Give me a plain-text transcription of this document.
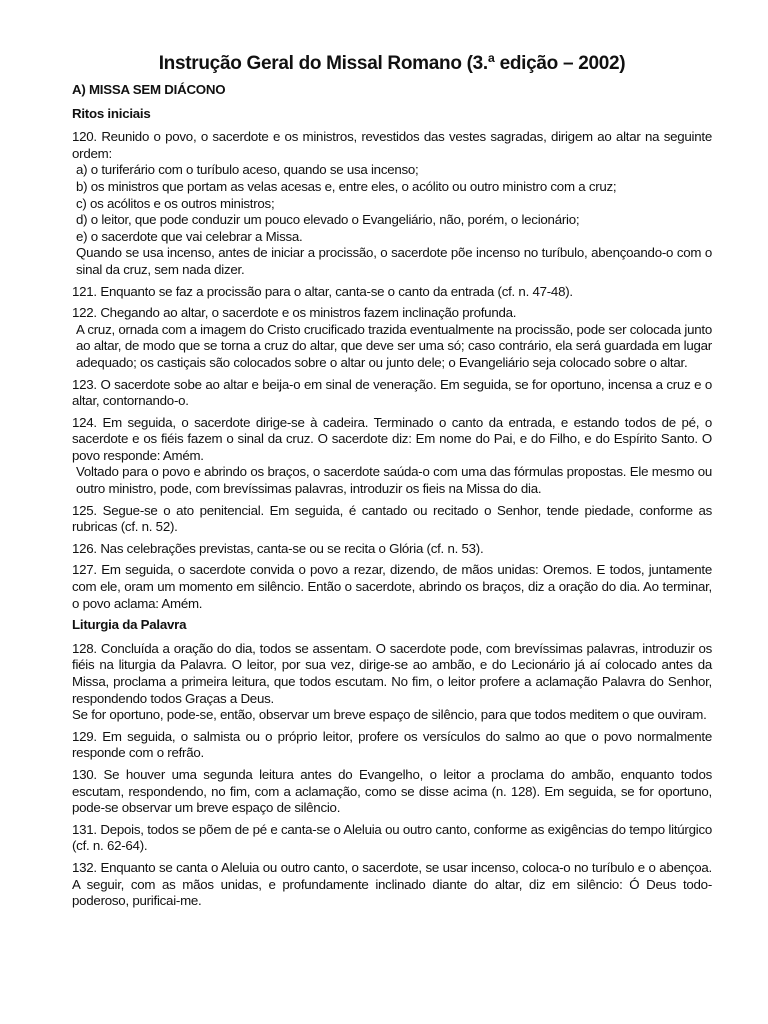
Instrução Geral do Missal Romano (3.ª edição – 2002)
A) MISSA SEM DIÁCONO
Ritos iniciais
120. Reunido o povo, o sacerdote e os ministros, revestidos das vestes sagradas, dirigem ao altar na seguinte ordem:
a) o turiferário com o turíbulo aceso, quando se usa incenso;
b) os ministros que portam as velas acesas e, entre eles, o acólito ou outro ministro com a cruz;
c) os acólitos e os outros ministros;
d) o leitor, que pode conduzir um pouco elevado o Evangeliário, não, porém, o lecionário;
e) o sacerdote que vai celebrar a Missa.
Quando se usa incenso, antes de iniciar a procissão, o sacerdote põe incenso no turíbulo, abençoando-o com o sinal da cruz, sem nada dizer.
121. Enquanto se faz a procissão para o altar, canta-se o canto da entrada (cf. n. 47-48).
122. Chegando ao altar, o sacerdote e os ministros fazem inclinação profunda.
A cruz, ornada com a imagem do Cristo crucificado trazida eventualmente na procissão, pode ser colocada junto ao altar, de modo que se torna a cruz do altar, que deve ser uma só; caso contrário, ela será guardada em lugar adequado; os castiçais são colocados sobre o altar ou junto dele; o Evangeliário seja colocado sobre o altar.
123. O sacerdote sobe ao altar e beija-o em sinal de veneração. Em seguida, se for oportuno, incensa a cruz e o altar, contornando-o.
124. Em seguida, o sacerdote dirige-se à cadeira. Terminado o canto da entrada, e estando todos de pé, o sacerdote e os fiéis fazem o sinal da cruz. O sacerdote diz: Em nome do Pai, e do Filho, e do Espírito Santo. O povo responde: Amém.
Voltado para o povo e abrindo os braços, o sacerdote saúda-o com uma das fórmulas propostas. Ele mesmo ou outro ministro, pode, com brevíssimas palavras, introduzir os fieis na Missa do dia.
125. Segue-se o ato penitencial. Em seguida, é cantado ou recitado o Senhor, tende piedade, conforme as rubricas (cf. n. 52).
126. Nas celebrações previstas, canta-se ou se recita o Glória (cf. n. 53).
127. Em seguida, o sacerdote convida o povo a rezar, dizendo, de mãos unidas: Oremos. E todos, juntamente com ele, oram um momento em silêncio. Então o sacerdote, abrindo os braços, diz a oração do dia. Ao terminar, o povo aclama: Amém.
Liturgia da Palavra
128. Concluída a oração do dia, todos se assentam. O sacerdote pode, com brevíssimas palavras, introduzir os fiéis na liturgia da Palavra. O leitor, por sua vez, dirige-se ao ambão, e do Lecionário já aí colocado antes da Missa, proclama a primeira leitura, que todos escutam. No fim, o leitor profere a aclamação Palavra do Senhor, respondendo todos Graças a Deus.
Se for oportuno, pode-se, então, observar um breve espaço de silêncio, para que todos meditem o que ouviram.
129. Em seguida, o salmista ou o próprio leitor, profere os versículos do salmo ao que o povo normalmente responde com o refrão.
130. Se houver uma segunda leitura antes do Evangelho, o leitor a proclama do ambão, enquanto todos escutam, respondendo, no fim, com a aclamação, como se disse acima (n. 128). Em seguida, se for oportuno, pode-se observar um breve espaço de silêncio.
131. Depois, todos se põem de pé e canta-se o Aleluia ou outro canto, conforme as exigências do tempo litúrgico (cf. n. 62-64).
132. Enquanto se canta o Aleluia ou outro canto, o sacerdote, se usar incenso, coloca-o no turíbulo e o abençoa. A seguir, com as mãos unidas, e profundamente inclinado diante do altar, diz em silêncio: Ó Deus todo-poderoso, purificai-me.
